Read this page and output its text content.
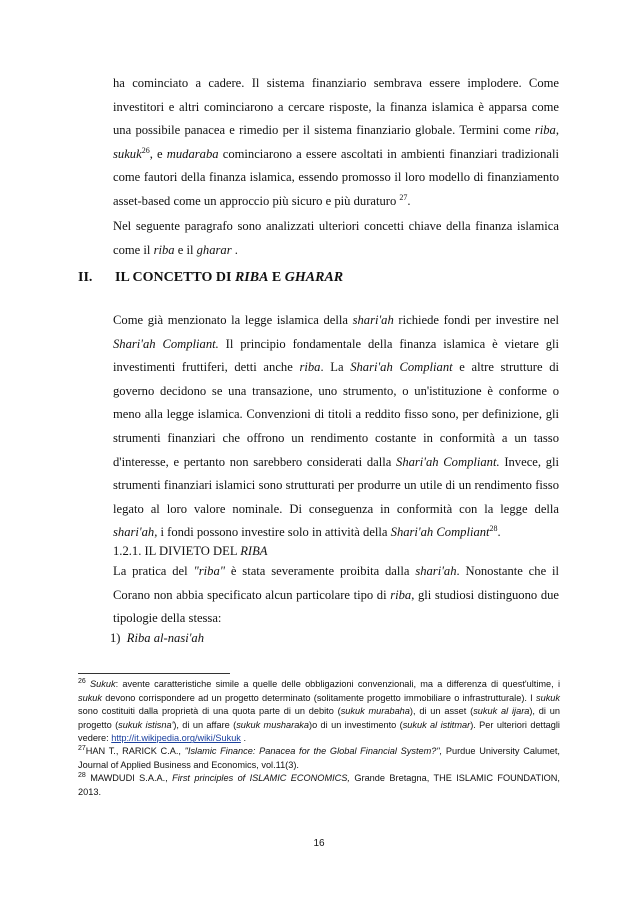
ha cominciato a cadere. Il sistema finanziario sembrava essere implodere. Come investitori e altri cominciarono a cercare risposte, la finanza islamica è apparsa come una possibile panacea e rimedio per il sistema finanziario globale. Termini come riba, sukuk$^{26}$, e mudaraba cominciarono a essere ascoltati in ambienti finanziari tradizionali come fautori della finanza islamica, essendo promosso il loro modello di finanziamento asset-based come un approccio più sicuro e più duraturo $^{27}$.

Nel seguente paragrafo sono analizzati ulteriori concetti chiave della finanza islamica come il riba e il gharar .

II. IL CONCETTO DI RIBA E GHARAR

Come già menzionato la legge islamica della shari'ah richiede fondi per investire nel Shari'ah Compliant. Il principio fondamentale della finanza islamica è vietare gli investimenti fruttiferi, detti anche riba. La Shari'ah Compliant e altre strutture di governo decidono se una transazione, uno strumento, o un'istituzione è conforme o meno alla legge islamica. Convenzioni di titoli a reddito fisso sono, per definizione, gli strumenti finanziari che offrono un rendimento costante in conformità a un tasso d'interesse, e pertanto non sarebbero considerati dalla Shari'ah Compliant. Invece, gli strumenti finanziari islamici sono strutturati per produrre un utile di un rendimento fisso legato al loro valore nominale. Di conseguenza in conformità con la legge della shari'ah, i fondi possono investire solo in attività della Shari'ah Compliant$^{28}$.

1.2.1. IL DIVIETO DEL RIBA

La pratica del "riba" è stata severamente proibita dalla shari'ah. Nonostante che il Corano non abbia specificato alcun particolare tipo di riba, gli studiosi distinguono due tipologie della stessa:

1) Riba al-nasi'ah

$^{26}$ Sukuk: avente caratteristiche simile a quelle delle obbligazioni convenzionali, ma a differenza di quest'ultime, i sukuk devono corrispondere ad un progetto determinato (solitamente progetto immobiliare o infrastrutturale). I sukuk sono costituiti dalla proprietà di una quota parte di un debito (sukuk murabaha), di un asset (sukuk al ijara), di un progetto (sukuk istisna'), di un affare (sukuk musharaka)o di un investimento (sukuk al istitmar). Per ulteriori dettagli vedere: http://it.wikipedia.org/wiki/Sukuk .

$^{27}$HAN T., RARICK C.A., "Islamic Finance: Panacea for the Global Financial System?", Purdue University Calumet, Journal of Applied Business and Economics, vol.11(3).

$^{28}$ MAWDUDI S.A.A., First principles of ISLAMIC ECONOMICS, Grande Bretagna, THE ISLAMIC FOUNDATION, 2013.

16
